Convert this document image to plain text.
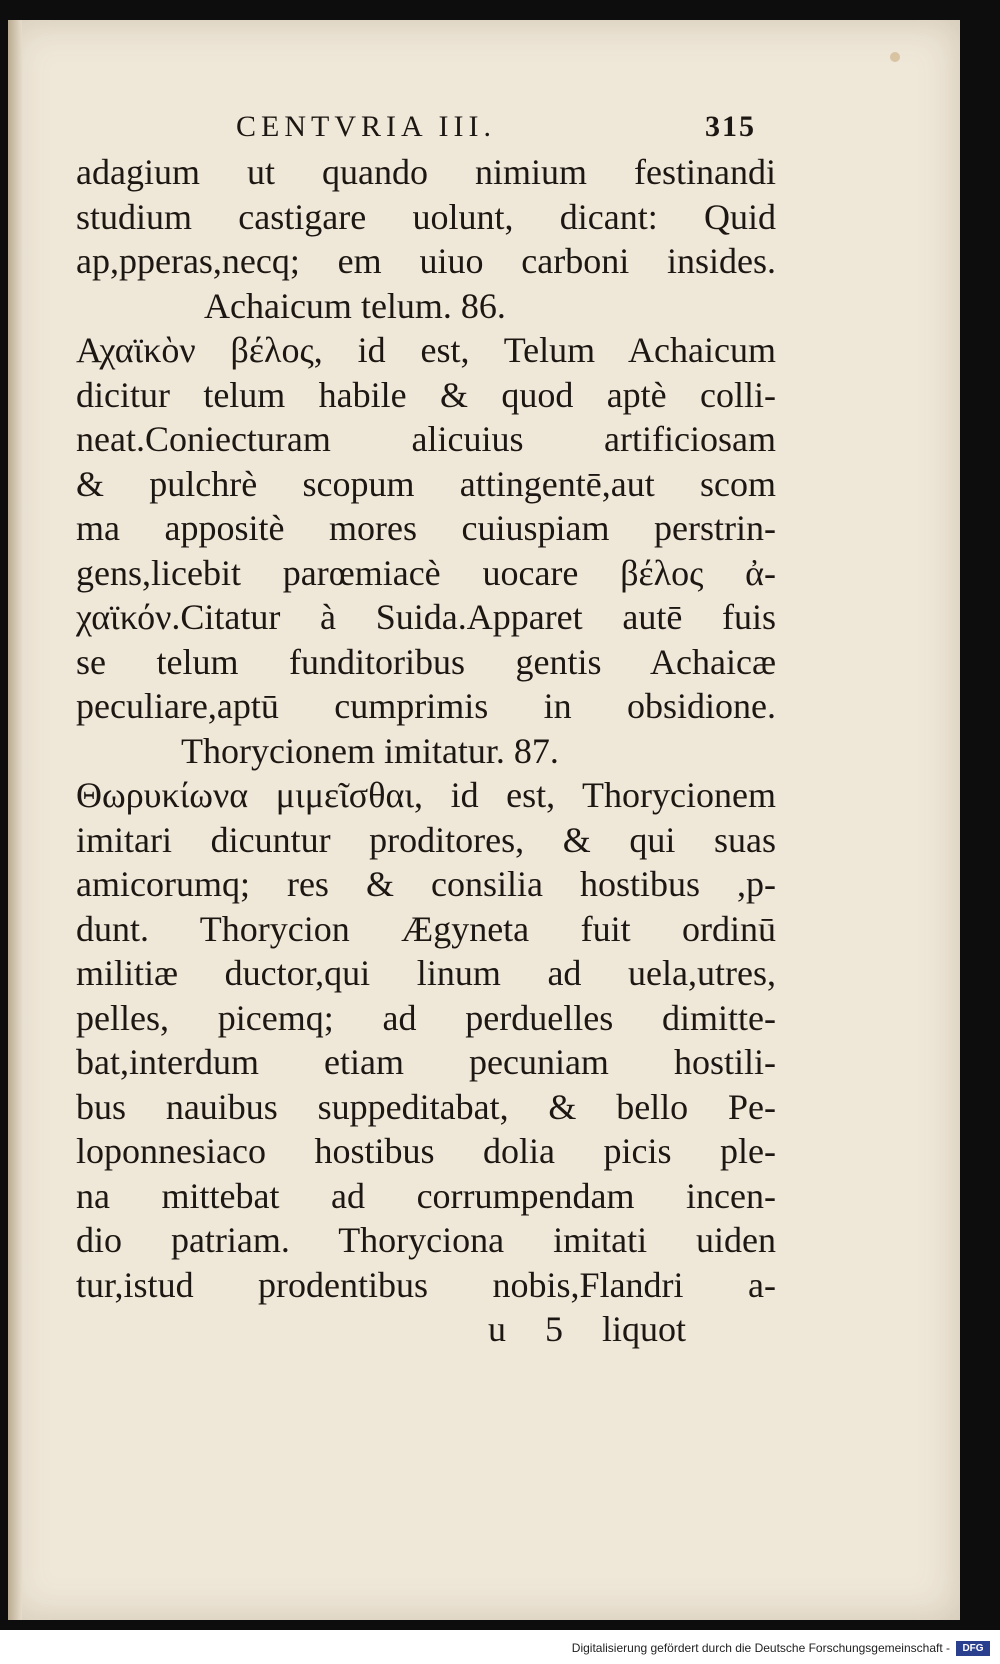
CENTVRIA III.	315
adagium ut quando nimium festinandi
studium castigare uolunt, dicant: Quid
ap,pperas,necq; em uiuo carboni insides.
Achaicum telum. 86.
Αχαϊκὸν βέλος, id est, Telum Achaicum
dicitur telum habile & quod aptè colli-
neat.Coniecturam alicuius artificiosam
& pulchrè scopum attingentē,aut scom
ma appositè mores cuiuspiam perstrin-
gens,licebit parœmiacè uocare βέλος ἀ-
χαϊκόν.Citatur à Suida.Apparet autē fuis
se telum funditoribus gentis Achaicæ
peculiare,aptū cumprimis in obsidione.
Thorycionem imitatur. 87.
Θωρυκίωνα μιμεῖσθαι, id est, Thorycionem
imitari dicuntur proditores, & qui suas
amicorumq; res & consilia hostibus ,p-
dunt. Thorycion Ægyneta fuit ordinū
militiæ ductor,qui linum ad uela,utres,
pelles, picemq; ad perduelles dimitte-
bat,interdum etiam pecuniam hostili-
bus nauibus suppeditabat, & bello Pe-
loponnesiaco hostibus dolia picis ple-
na mittebat ad corrumpendam incen-
dio patriam. Thoryciona imitati uiden
tur,istud prodentibus nobis,Flandri a-
u 5 liquot
Digitalisierung gefördert durch die Deutsche Forschungsgemeinschaft -	DFG
